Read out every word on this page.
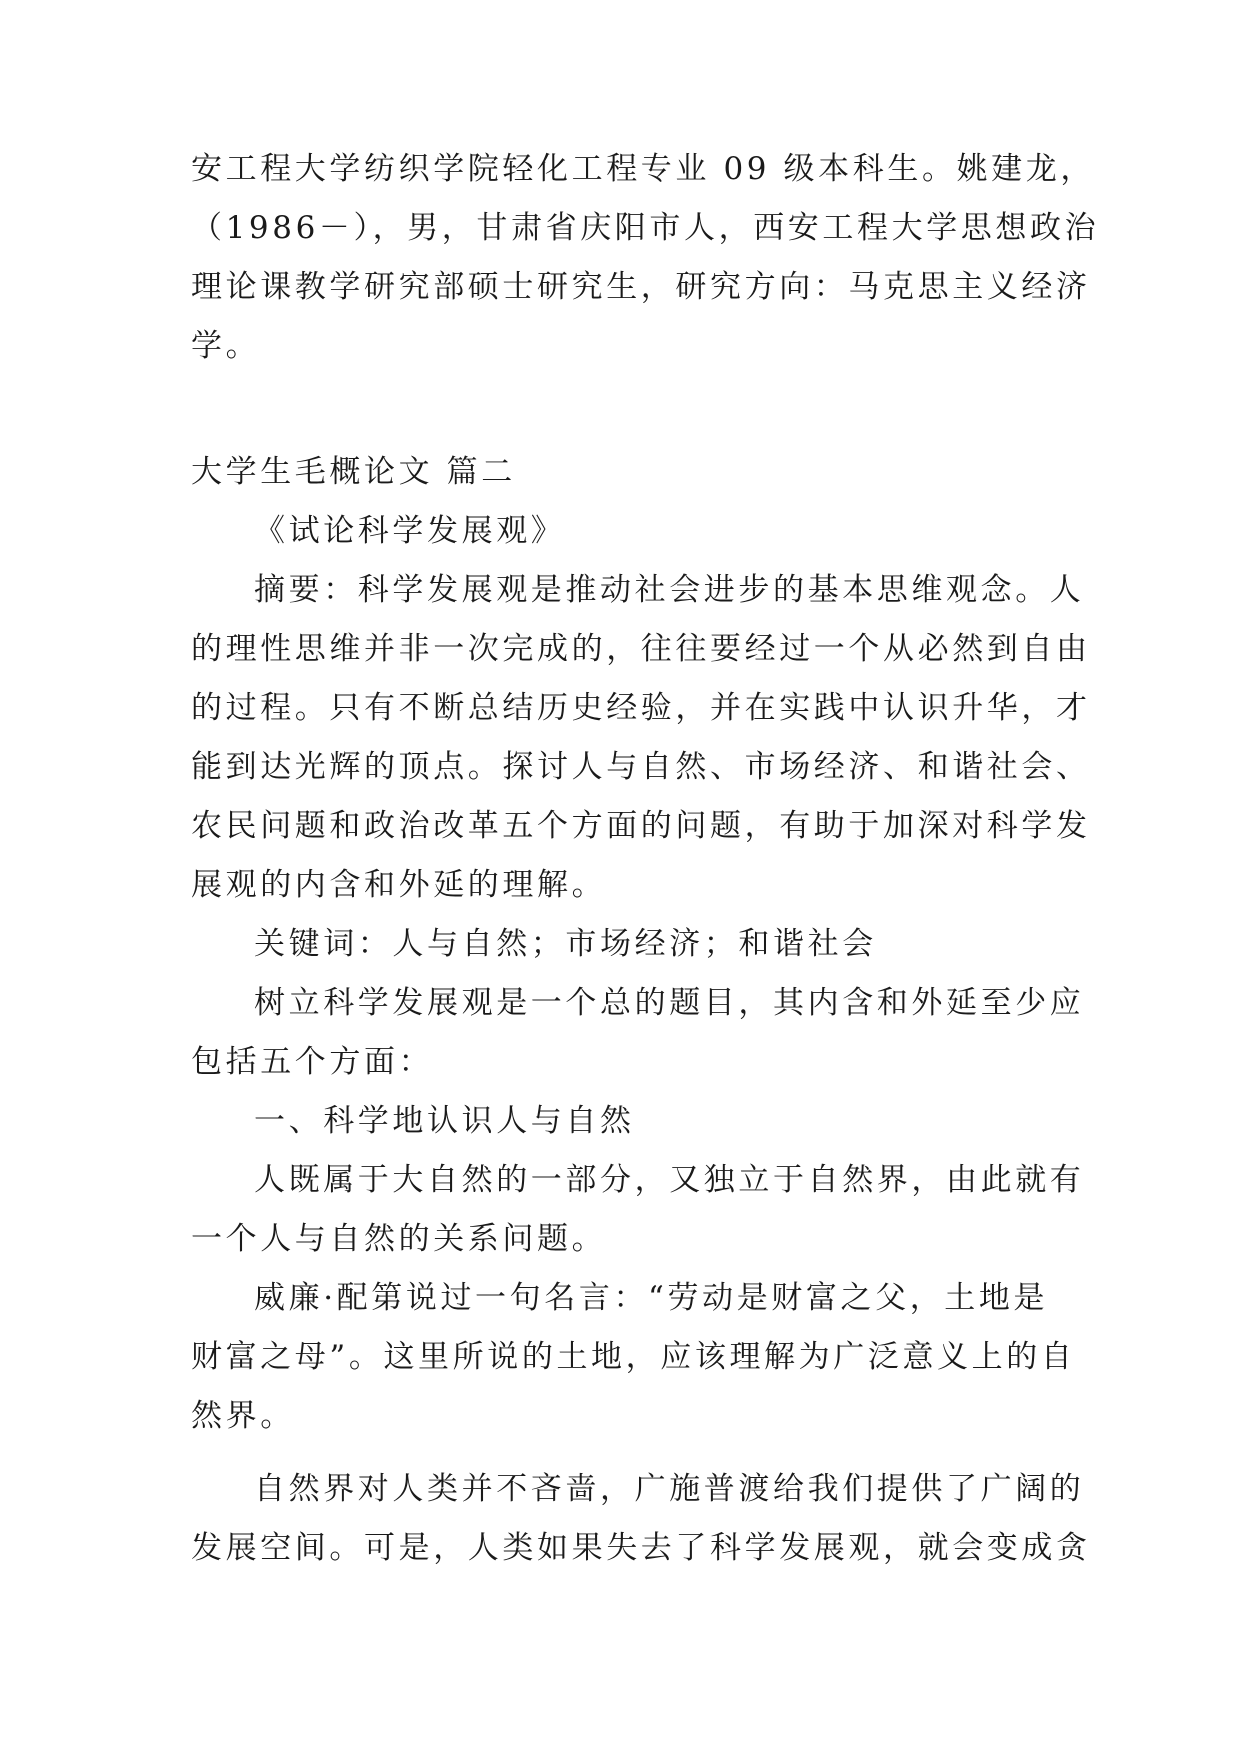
安工程大学纺织学院轻化工程专业 09 级本科生。姚建龙，
（1986－），男，甘肃省庆阳市人，西安工程大学思想政治
理论课教学研究部硕士研究生，研究方向：马克思主义经济
学。
大学生毛概论文 篇二
《试论科学发展观》
摘要：科学发展观是推动社会进步的基本思维观念。人
的理性思维并非一次完成的，往往要经过一个从必然到自由
的过程。只有不断总结历史经验，并在实践中认识升华，才
能到达光辉的顶点。探讨人与自然、市场经济、和谐社会、
农民问题和政治改革五个方面的问题，有助于加深对科学发
展观的内含和外延的理解。
关键词：人与自然；市场经济；和谐社会
树立科学发展观是一个总的题目，其内含和外延至少应
包括五个方面：
一、科学地认识人与自然
人既属于大自然的一部分，又独立于自然界，由此就有
一个人与自然的关系问题。
威廉·配第说过一句名言：“劳动是财富之父，土地是
财富之母”。这里所说的土地，应该理解为广泛意义上的自
然界。
自然界对人类并不吝啬，广施普渡给我们提供了广阔的
发展空间。可是，人类如果失去了科学发展观，就会变成贪
